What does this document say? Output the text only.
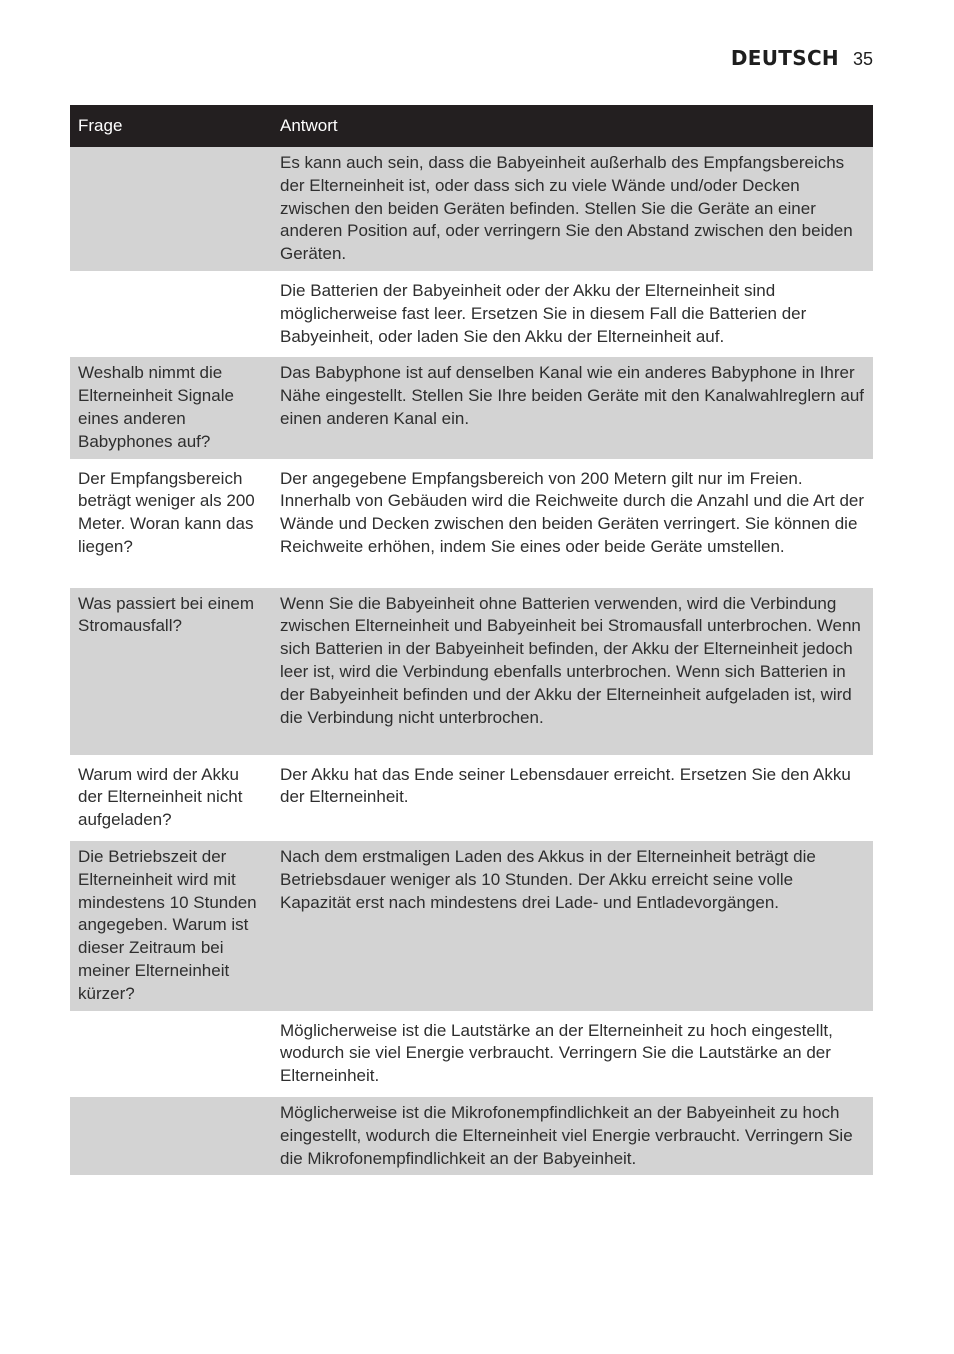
DEUTSCH 35
Frage	Antwort
	Es kann auch sein, dass die Babyeinheit außerhalb des Empfangsbereichs der Elterneinheit ist, oder dass sich zu viele Wände und/oder Decken zwischen den beiden Geräten befinden. Stellen Sie die Geräte an einer anderen Position auf, oder verringern Sie den Abstand zwischen den beiden Geräten.
	Die Batterien der Babyeinheit oder der Akku der Elterneinheit sind möglicherweise fast leer. Ersetzen Sie in diesem Fall die Batterien der Babyeinheit, oder laden Sie den Akku der Elterneinheit auf.
Weshalb nimmt die Elterneinheit Signale eines anderen Babyphones auf?	Das Babyphone ist auf denselben Kanal wie ein anderes Babyphone in Ihrer Nähe eingestellt. Stellen Sie Ihre beiden Geräte mit den Kanalwahlreglern auf einen anderen Kanal ein.
Der Empfangsbereich beträgt weniger als 200 Meter. Woran kann das liegen?	Der angegebene Empfangsbereich von 200 Metern gilt nur im Freien. Innerhalb von Gebäuden wird die Reichweite durch die Anzahl und die Art der Wände und Decken zwischen den beiden Geräten verringert. Sie können die Reichweite erhöhen, indem Sie eines oder beide Geräte umstellen.
Was passiert bei einem Stromausfall?	Wenn Sie die Babyeinheit ohne Batterien verwenden, wird die Verbindung zwischen Elterneinheit und Babyeinheit bei Stromausfall unterbrochen. Wenn sich Batterien in der Babyeinheit befinden, der Akku der Elterneinheit jedoch leer ist, wird die Verbindung ebenfalls unterbrochen. Wenn sich Batterien in der Babyeinheit befinden und der Akku der Elterneinheit aufgeladen ist, wird die Verbindung nicht unterbrochen.
Warum wird der Akku der Elterneinheit nicht aufgeladen?	Der Akku hat das Ende seiner Lebensdauer erreicht. Ersetzen Sie den Akku der Elterneinheit.
Die Betriebszeit der Elterneinheit wird mit mindestens 10 Stunden angegeben. Warum ist dieser Zeitraum bei meiner Elterneinheit kürzer?	Nach dem erstmaligen Laden des Akkus in der Elterneinheit beträgt die Betriebsdauer weniger als 10 Stunden. Der Akku erreicht seine volle Kapazität erst nach mindestens drei Lade- und Entladevorgängen.
	Möglicherweise ist die Lautstärke an der Elterneinheit zu hoch eingestellt, wodurch sie viel Energie verbraucht. Verringern Sie die Lautstärke an der Elterneinheit.
	Möglicherweise ist die Mikrofonempfindlichkeit an der Babyeinheit zu hoch eingestellt, wodurch die Elterneinheit viel Energie verbraucht. Verringern Sie die Mikrofonempfindlichkeit an der Babyeinheit.
